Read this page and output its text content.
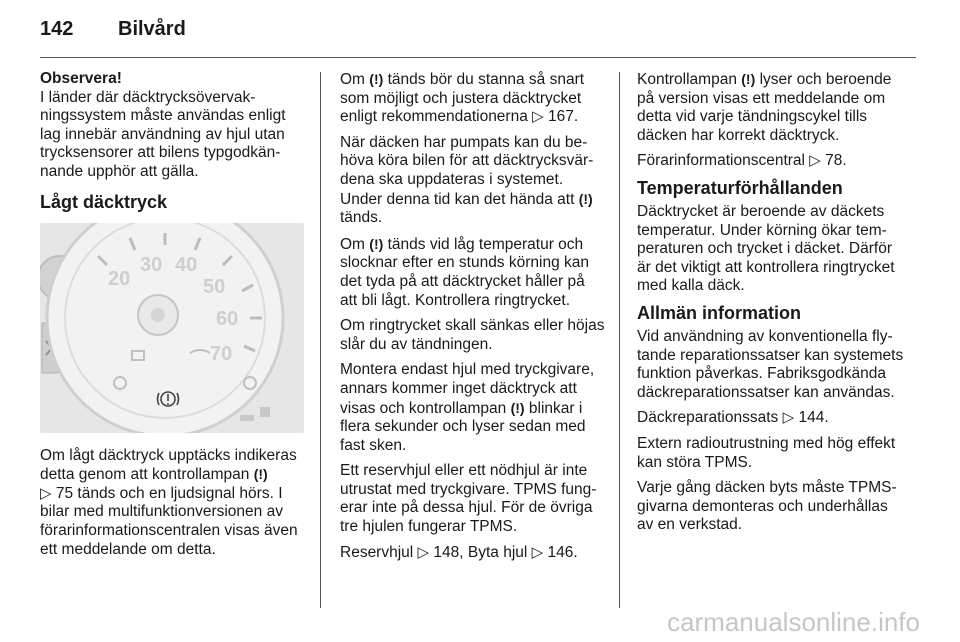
142 Bilvård
Observera!

I länder där däcktrycksövervakningssystem måste användas enligt lag innebär användning av hjul utan trycksensorer att bilens typgodkännande upphör att gälla.

Lågt däcktryck
30 40
50
60
70
20

Om lågt däcktryck upptäcks indikeras detta genom att kontrollampan (!)
▷ 75 tänds och en ljudsignal hörs. I bilar med multifunktionversionen av förarinformationscentralen visas även ett meddelande om detta.

Om (!) tänds bör du stanna så snart som möjligt och justera däcktrycket enligt rekommendationerna ▷ 167.

När däcken har pumpats kan du behöva köra bilen för att däcktrycksvärdena ska uppdateras i systemet. Under denna tid kan det hända att (!) tänds.

Om (!) tänds vid låg temperatur och slocknar efter en stunds körning kan det tyda på att däcktrycket håller på att bli lågt. Kontrollera ringtrycket.

Om ringtrycket skall sänkas eller höjas slår du av tändningen.

Montera endast hjul med tryckgivare, annars kommer inget däcktryck att visas och kontrollampan (!) blinkar i flera sekunder och lyser sedan med fast sken.

Ett reservhjul eller ett nödhjul är inte utrustat med tryckgivare. TPMS fungerar inte på dessa hjul. För de övriga tre hjulen fungerar TPMS.

Reservhjul ▷ 148, Byta hjul ▷ 146.

Kontrollampan (!) lyser och beroende på version visas ett meddelande om detta vid varje tändningscykel tills däcken har korrekt däcktryck.

Förarinformationscentral ▷ 78.

Temperaturförhållanden

Däcktrycket är beroende av däckets temperatur. Under körning ökar temperaturen och trycket i däcket. Därför är det viktigt att kontrollera ringtrycket med kalla däck.

Allmän information

Vid användning av konventionella flytande reparationssatser kan systemets funktion påverkas. Fabriksgodkända däckreparationssatser kan användas.

Däckreparationssats ▷ 144.

Extern radioutrustning med hög effekt kan störa TPMS.

Varje gång däcken byts måste TPMS-givarna demonteras och underhållas av en verkstad.

carmanualsonline.info
